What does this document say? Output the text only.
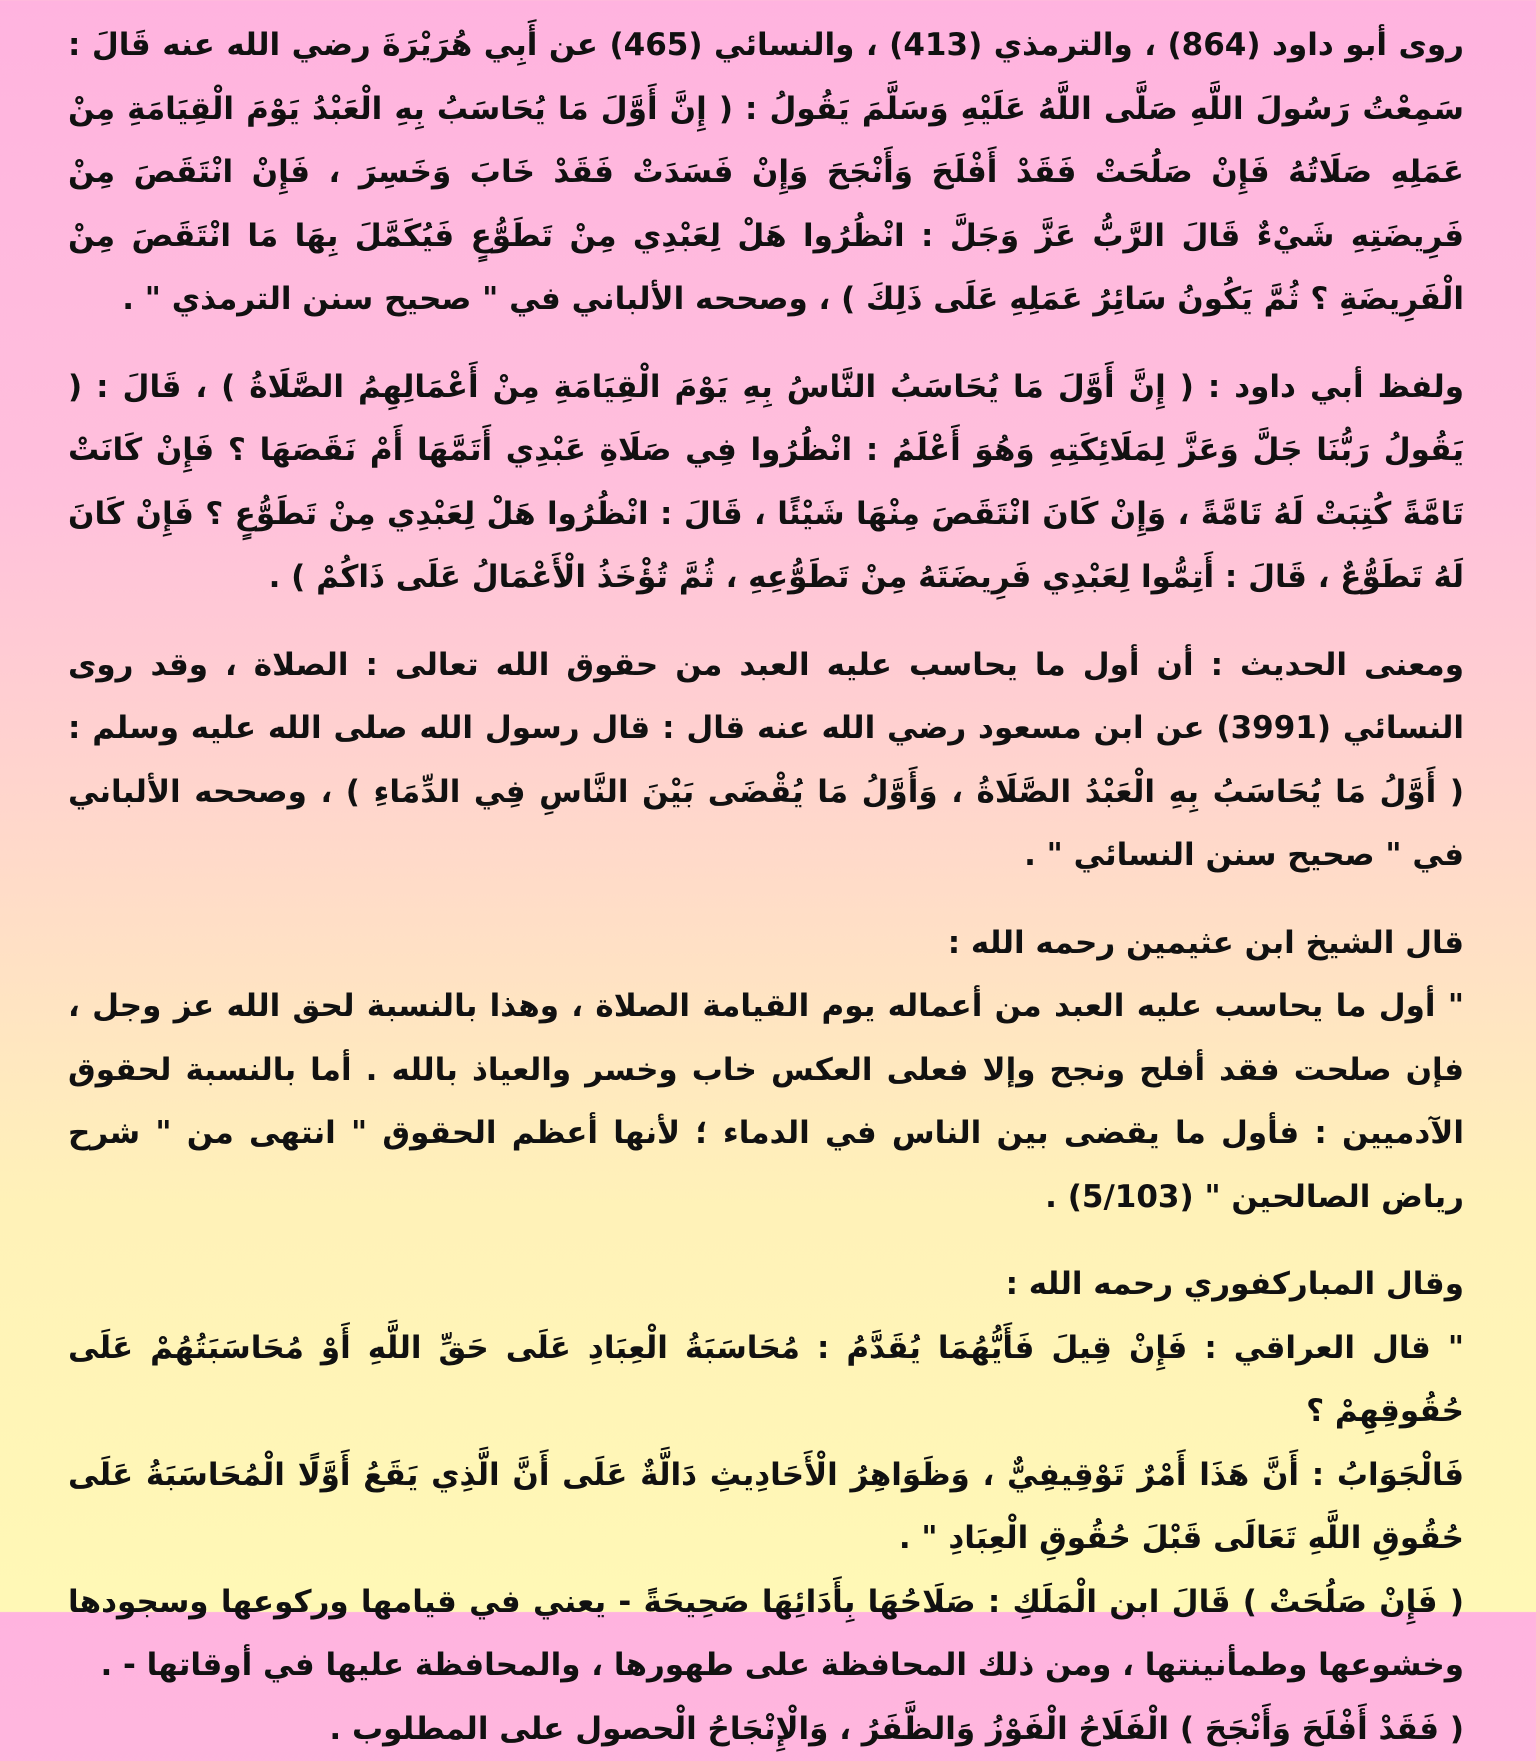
روى أبو داود (864) ، والترمذي (413) ، والنسائي (465) عن أَبِي هُرَيْرَةَ رضي الله عنه قَالَ : سَمِعْتُ رَسُولَ اللَّهِ صَلَّى اللَّهُ عَلَيْهِ وَسَلَّمَ يَقُولُ : ( إِنَّ أَوَّلَ مَا يُحَاسَبُ بِهِ الْعَبْدُ يَوْمَ الْقِيَامَةِ مِنْ عَمَلِهِ صَلَاتُهُ فَإِنْ صَلُحَتْ فَقَدْ أَفْلَحَ وَأَنْجَحَ وَإِنْ فَسَدَتْ فَقَدْ خَابَ وَخَسِرَ ، فَإِنْ انْتَقَصَ مِنْ فَرِيضَتِهِ شَيْءٌ قَالَ الرَّبُّ عَزَّ وَجَلَّ : انْظُرُوا هَلْ لِعَبْدِي مِنْ تَطَوُّعٍ فَيُكَمَّلَ بِهَا مَا انْتَقَصَ مِنْ الْفَرِيضَةِ ؟ ثُمَّ يَكُونُ سَائِرُ عَمَلِهِ عَلَى ذَلِكَ ) ، وصححه الألباني في " صحيح سنن الترمذي " .

ولفظ أبي داود : ( إِنَّ أَوَّلَ مَا يُحَاسَبُ النَّاسُ بِهِ يَوْمَ الْقِيَامَةِ مِنْ أَعْمَالِهِمُ الصَّلَاةُ ) ، قَالَ : ( يَقُولُ رَبُّنَا جَلَّ وَعَزَّ لِمَلَائِكَتِهِ وَهُوَ أَعْلَمُ : انْظُرُوا فِي صَلَاةِ عَبْدِي أَتَمَّهَا أَمْ نَقَصَهَا ؟ فَإِنْ كَانَتْ تَامَّةً كُتِبَتْ لَهُ تَامَّةً ، وَإِنْ كَانَ انْتَقَصَ مِنْهَا شَيْئًا ، قَالَ : انْظُرُوا هَلْ لِعَبْدِي مِنْ تَطَوُّعٍ ؟ فَإِنْ كَانَ لَهُ تَطَوُّعٌ ، قَالَ : أَتِمُّوا لِعَبْدِي فَرِيضَتَهُ مِنْ تَطَوُّعِهِ ، ثُمَّ تُؤْخَذُ الْأَعْمَالُ عَلَى ذَاكُمْ ) .

ومعنى الحديث : أن أول ما يحاسب عليه العبد من حقوق الله تعالى : الصلاة ، وقد روى النسائي (3991) عن ابن مسعود رضي الله عنه قال : قال رسول الله صلى الله عليه وسلم : ( أَوَّلُ مَا يُحَاسَبُ بِهِ الْعَبْدُ الصَّلَاةُ ، وَأَوَّلُ مَا يُقْضَى بَيْنَ النَّاسِ فِي الدِّمَاءِ ) ، وصححه الألباني في " صحيح سنن النسائي " .

قال الشيخ ابن عثيمين رحمه الله :
" أول ما يحاسب عليه العبد من أعماله يوم القيامة الصلاة ، وهذا بالنسبة لحق الله عز وجل ، فإن صلحت فقد أفلح ونجح وإلا فعلى العكس خاب وخسر والعياذ بالله . أما بالنسبة لحقوق الآدميين : فأول ما يقضى بين الناس في الدماء ؛ لأنها أعظم الحقوق " انتهى من " شرح رياض الصالحين " (5/103) .

وقال المباركفوري رحمه الله :
" قال العراقي : فَإِنْ قِيلَ فَأَيُّهُمَا يُقَدَّمُ : مُحَاسَبَةُ الْعِبَادِ عَلَى حَقِّ اللَّهِ أَوْ مُحَاسَبَتُهُمْ عَلَى حُقُوقِهِمْ ؟
فَالْجَوَابُ : أَنَّ هَذَا أَمْرٌ تَوْقِيفِيٌّ ، وَظَوَاهِرُ الْأَحَادِيثِ دَالَّةٌ عَلَى أَنَّ الَّذِي يَقَعُ أَوَّلًا الْمُحَاسَبَةُ عَلَى حُقُوقِ اللَّهِ تَعَالَى قَبْلَ حُقُوقِ الْعِبَادِ " .
( فَإِنْ صَلُحَتْ ) قَالَ ابن الْمَلَكِ : صَلَاحُهَا بِأَدَائِهَا صَحِيحَةً - يعني في قيامها وركوعها وسجودها وخشوعها وطمأنينتها ، ومن ذلك المحافظة على طهورها ، والمحافظة عليها في أوقاتها - .
( فَقَدْ أَفْلَحَ وَأَنْجَحَ ) الْفَلَاحُ الْفَوْزُ وَالظَّفَرُ ، وَالْإِنْجَاحُ الْحصول على المطلوب .
